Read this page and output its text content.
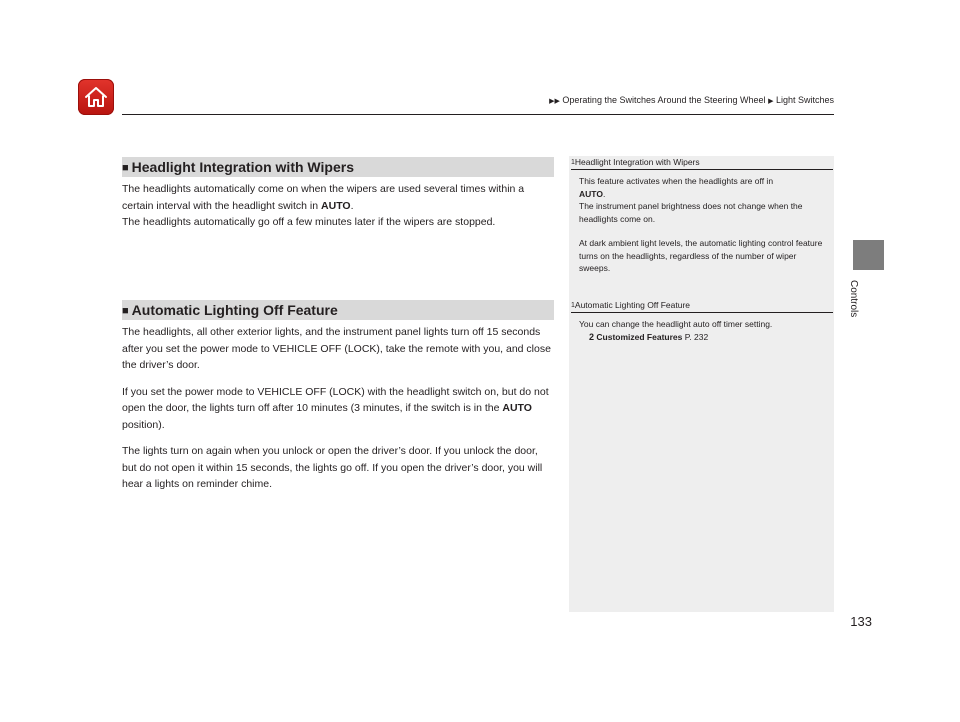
▶▶ Operating the Switches Around the Steering Wheel ▶ Light Switches
Controls
■ Headlight Integration with Wipers

The headlights automatically come on when the wipers are used several times within a certain interval with the headlight switch in AUTO.
The headlights automatically go off a few minutes later if the wipers are stopped.

■ Automatic Lighting Off Feature

The headlights, all other exterior lights, and the instrument panel lights turn off 15 seconds after you set the power mode to VEHICLE OFF (LOCK), take the remote with you, and close the driver’s door.

If you set the power mode to VEHICLE OFF (LOCK) with the headlight switch on, but do not open the door, the lights turn off after 10 minutes (3 minutes, if the switch is in the AUTO position).

The lights turn on again when you unlock or open the driver’s door. If you unlock the door, but do not open it within 15 seconds, the lights go off. If you open the driver’s door, you will hear a lights on reminder chime.

1Headlight Integration with Wipers

This feature activates when the headlights are off in
AUTO.
The instrument panel brightness does not change when the headlights come on.

At dark ambient light levels, the automatic lighting control feature turns on the headlights, regardless of the number of wiper sweeps.

1Automatic Lighting Off Feature

You can change the headlight auto off timer setting.

2 Customized Features P. 232

133
